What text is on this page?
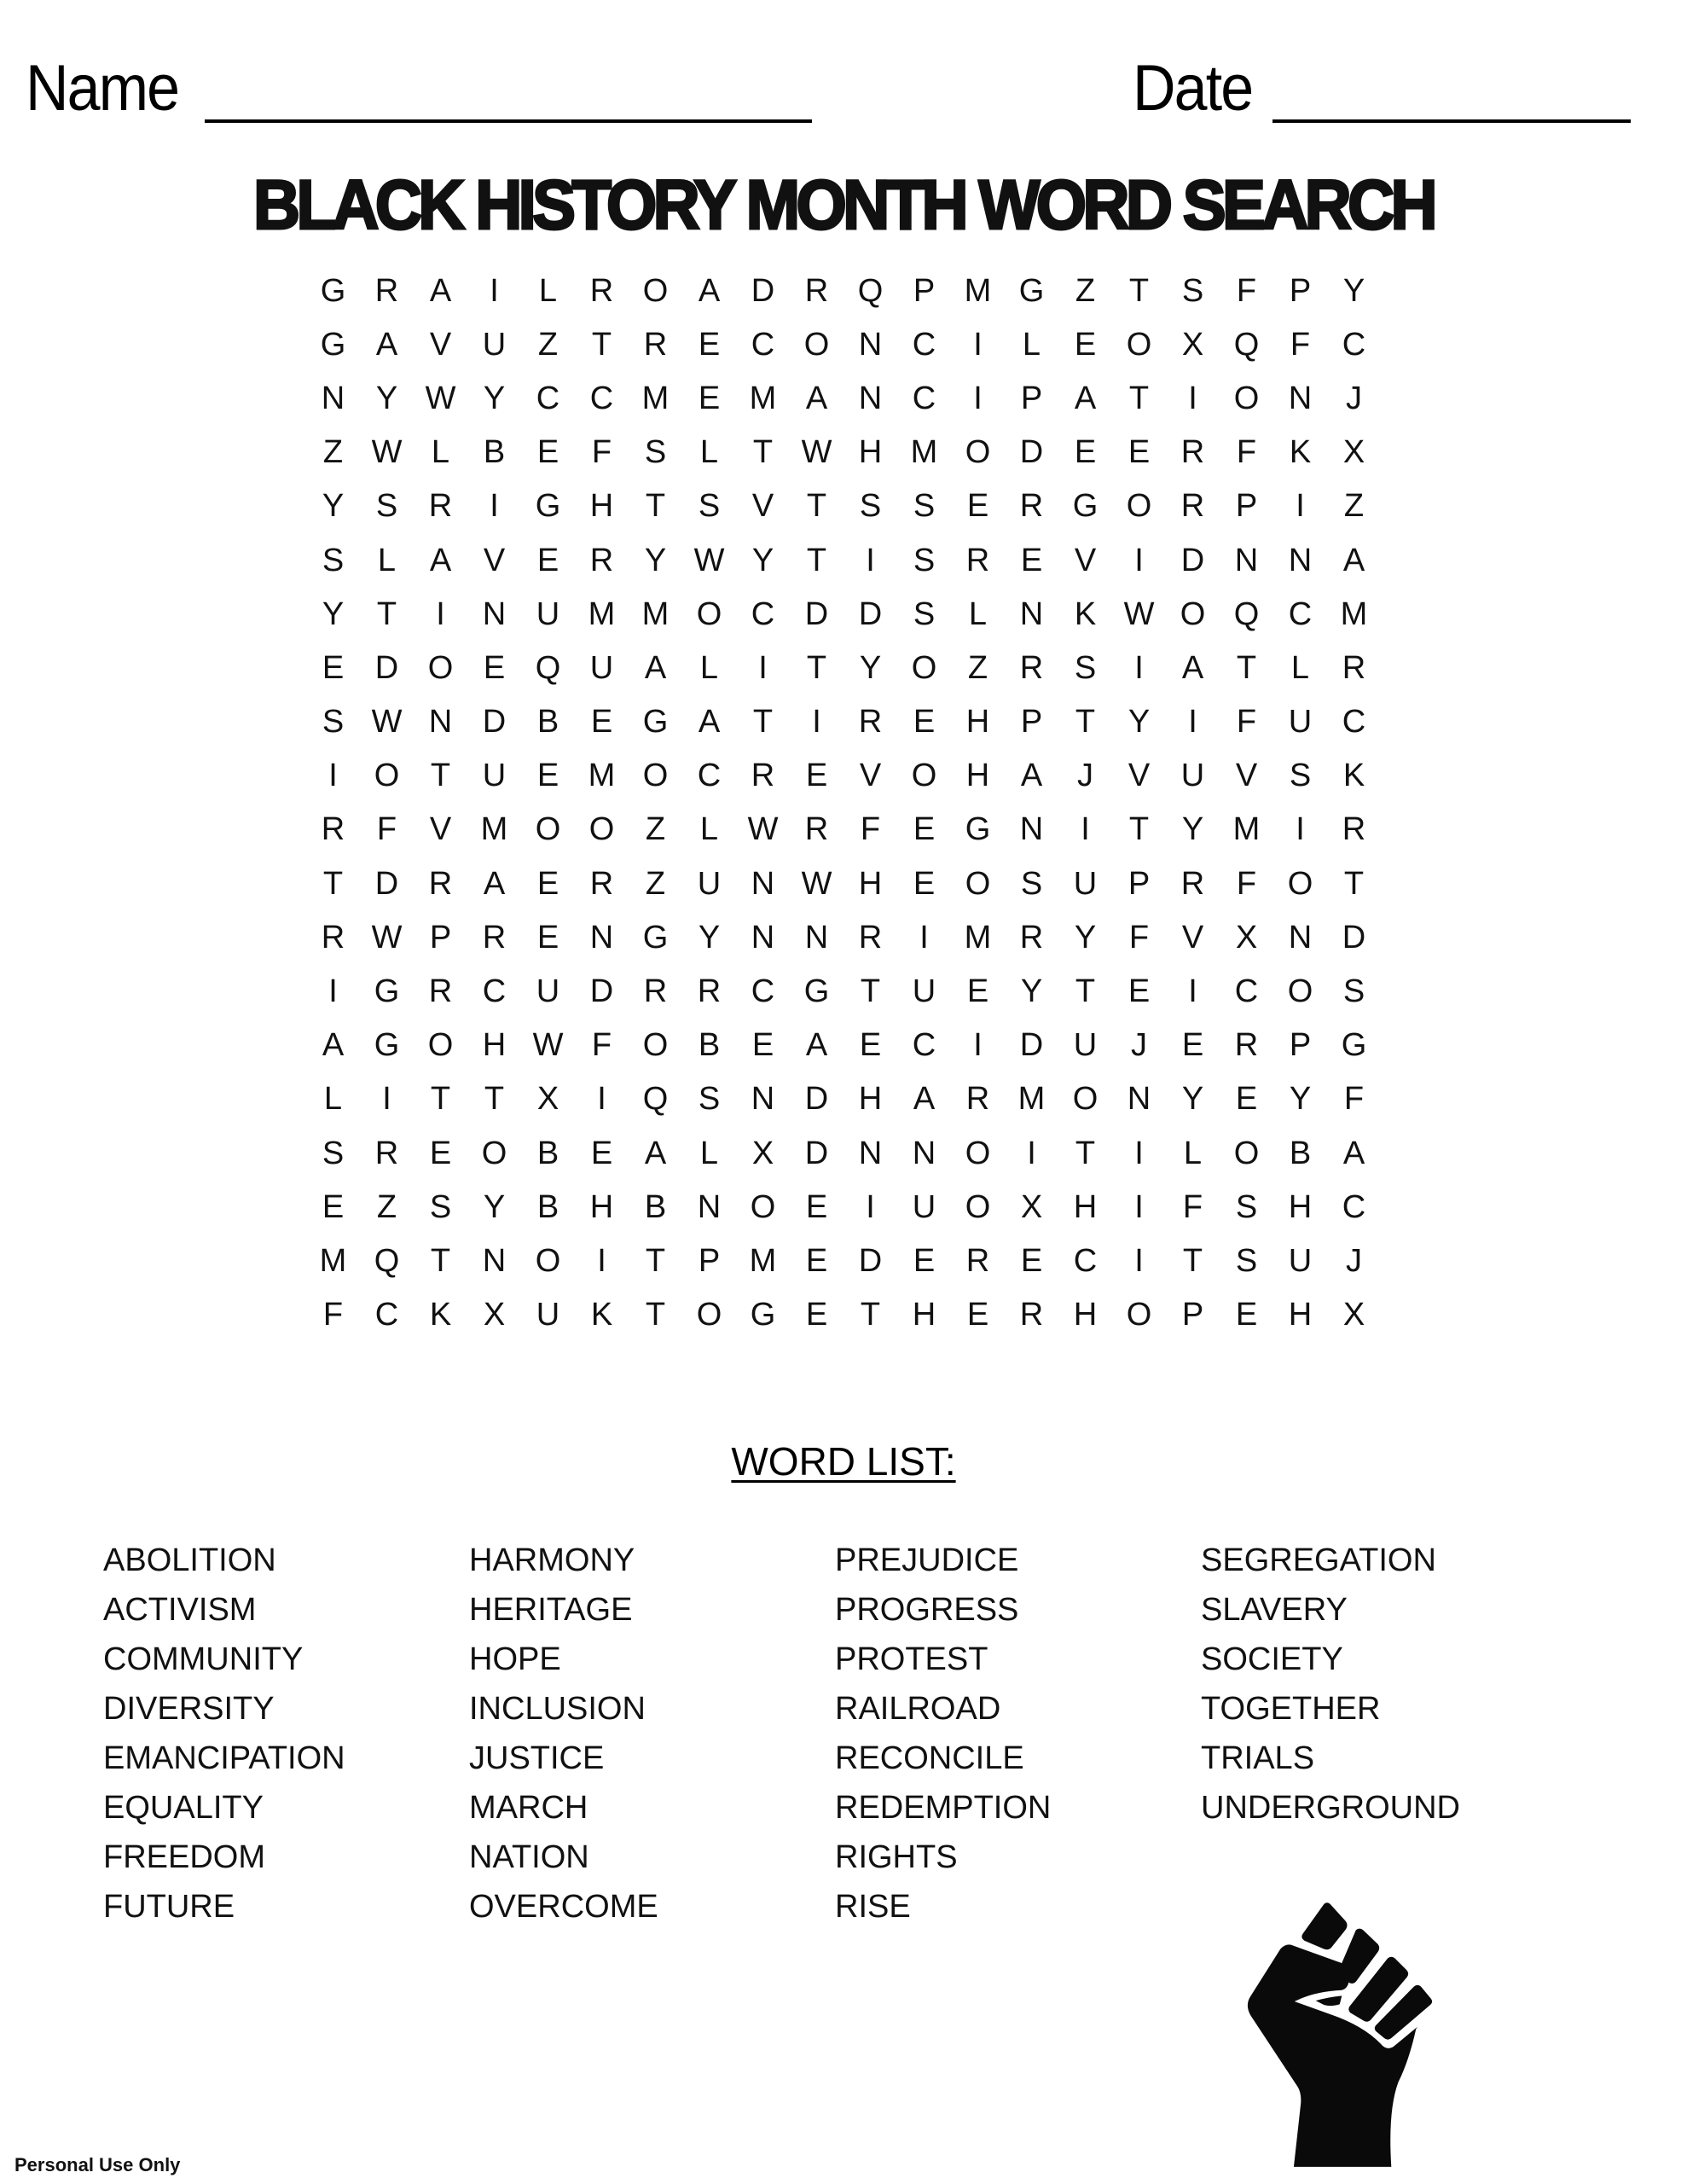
Name	Date
BLACK HISTORY MONTH WORD SEARCH
G R A	I	L	R O A D R Q P M G Z	T	S	F	P Y
G A V U Z	T R E C O N C	I	L	E O X Q F C
N Y W Y C C M E M A N C	I	P A	T	I	O N	J
Z W L	B E	F	S	L	T W H M O D E E R F	K X
Y S R	I	G H T	S V	T	S S E R G O R P	I	Z
S	L	A V E R Y W Y	T	I	S R E V	I	D N N A
Y	T	I	N U M M O C D D S	L	N K W O Q C M
E D O E Q U A	L	I	T	Y O Z R S	I	A	T	L	R
S W N D B E G A	T	I	R E H P	T	Y	I	F U C
I	O T U E M O C R E V O H A	J	V U V S K
R F	V M O O Z	L W R F	E G N	I	T	Y M	I	R
T D R A E R Z U N W H E O S U P R F O T
R W P R E N G Y N N R	I	M R Y	F	V X N D
I	G R C U D R R C G T U E Y	T	E	I	C O S
A G O H W F O B E A E C	I	D U	J	E R P G
L	I	T	T	X	I	Q S N D H A R M O N Y E Y	F
S R E O B E A	L	X D N N O	I	T	I	L O B A
E	Z	S Y B H B N O E	I	U O X H	I	F	S H C
M Q T N O	I	T	P M E D E R E C	I	T	S U	J
F C K X U K	T O G E	T H E R H O P E H X
WORD LIST:
ABOLITION
ACTIVISM
COMMUNITY
DIVERSITY
EMANCIPATION
EQUALITY
FREEDOM
FUTURE
HARMONY
HERITAGE
HOPE
INCLUSION
JUSTICE
MARCH
NATION
OVERCOME
PREJUDICE
PROGRESS
PROTEST
RAILROAD
RECONCILE
REDEMPTION
RIGHTS
RISE
SEGREGATION
SLAVERY
SOCIETY
TOGETHER
TRIALS
UNDERGROUND
Personal Use Only
